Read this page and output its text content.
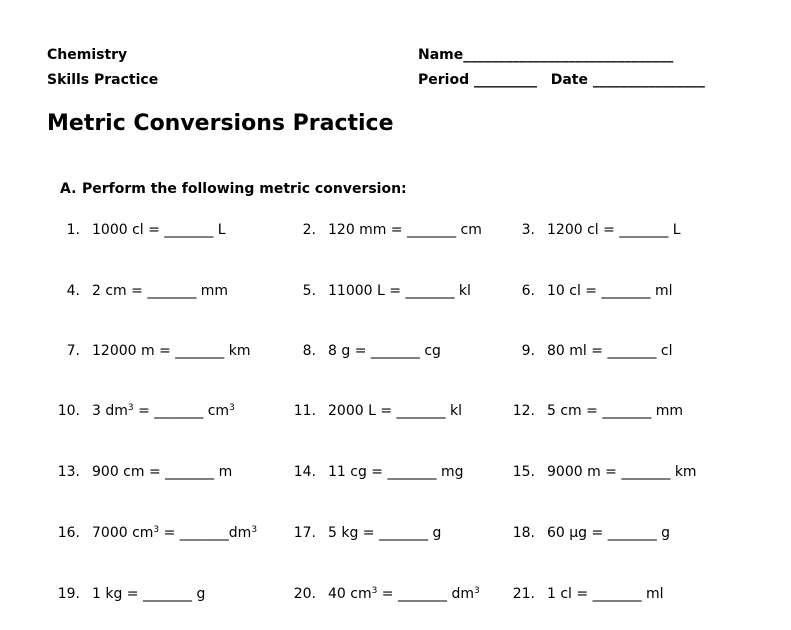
Chemistry
Skills Practice
Name______________________________
Period _________ Date ________________
Metric Conversions Practice
A. Perform the following metric conversion:
1. 1000 cl = _______ L	2. 120 mm = _______ cm	3. 1200 cl = _______ L
4. 2 cm = _______ mm	5. 11000 L = _______ kl	6. 10 cl = _______ ml
7. 12000 m = _______ km	8. 8 g = _______ cg	9. 80 ml = _______ cl
10. 3 $dm^3$ = _______ $cm^3$	11. 2000 L = _______ kl	12. 5 cm = _______ mm
13. 900 cm = _______ m	14. 11 cg = _______ mg	15. 9000 m = _______ km
16. 7000 $cm^3$ = $\_\_\_\_\_\_\_dm^3$	17. 5 kg = _______ g	18. 60 µg = _______ g
19. 1 kg = _______ g	20. 40 $cm^3$ = _______ $dm^3$	21. 1 cl = _______ ml
